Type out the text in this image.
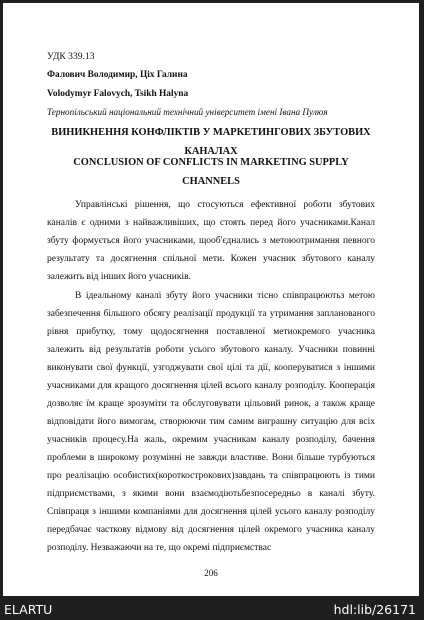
УДК 339.13
Фалович Володимир, Ціх Галина
Volodymyr Falovych, Tsikh Halyna
Тернопільський національний технічний університет імені Івана Пулюя
ВИНИКНЕННЯ КОНФЛІКТІВ У МАРКЕТИНГОВИХ ЗБУТОВИХ КАНАЛАХ
CONCLUSION OF CONFLICTS IN MARKETING SUPPLY CHANNELS

Управлінські рішення, що стосуються ефективної роботи збутових каналів є одними з найважливіших, що стоять перед його учасниками.Канал збуту формується його учасниками, щооб'єднались з метоюотримання певного результату та досягнення спільної мети. Кожен учасник збутового каналу залежить від інших його учасників.

В ідеальному каналі збуту його учасники тісно співпрацюютьз метою забезпечення більшого обсягу реалізації продукції та утримання запланованого рівня прибутку, тому щодосягнення поставленої метиокремого учасника залежить від результатів роботи усього збутового каналу. Учасники повинні виконувати свої функції, узгоджувати свої цілі та дії, кооперуватися з іншими учасниками для кращого досягнення цілей всього каналу розподілу. Кооперація дозволяє їм краще зрозуміти та обслуговувати цільовий ринок, а також краще відповідати його вимогам, створюючи тим самим виграшну ситуацію для всіх учасників процесу.На жаль, окремим учасникам каналу розподілу, бачення проблеми в широкому розумінні не завжди властиве. Вони більше турбуються про реалізацію особистих(короткострокових)завдань та співпрацюють із тими підприємствами, з якими вони взаємодіютьбезпосередньо в каналі збуту. Співпраця з іншими компаніями для досягнення цілей усього каналу розподілу передбачає часткову відмову від досягнення цілей окремого учасника каналу розподілу. Незважаючи на те, що окремі підприємствас

206
ELARTU	hdl:lib/26171
